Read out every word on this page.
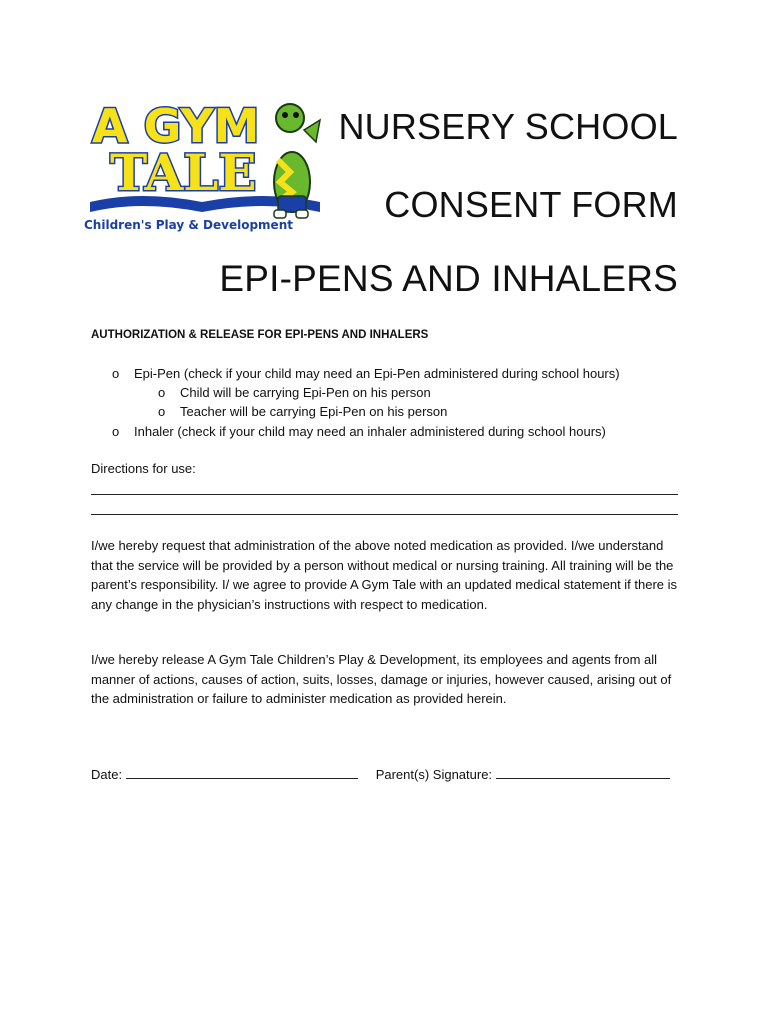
A GYM
TALE
Children's Play & Development
NURSERY SCHOOL
CONSENT FORM
EPI-PENS AND INHALERS
AUTHORIZATION & RELEASE FOR EPI-PENS AND INHALERS
o Epi-Pen (check if your child may need an Epi-Pen administered during school hours)
o Child will be carrying Epi-Pen on his person
o Teacher will be carrying Epi-Pen on his person
o Inhaler (check if your child may need an inhaler administered during school hours)
Directions for use:

I/we hereby request that administration of the above noted medication as provided. I/we understand that the service will be provided by a person without medical or nursing training. All training will be the parent’s responsibility. I/ we agree to provide A Gym Tale with an updated medical statement if there is any change in the physician’s instructions with respect to medication.

I/we hereby release A Gym Tale Children’s Play & Development, its employees and agents from all manner of actions, causes of action, suits, losses, damage or injuries, however caused, arising out of the administration or failure to administer medication as provided herein.

Date:	Parent(s) Signature:
